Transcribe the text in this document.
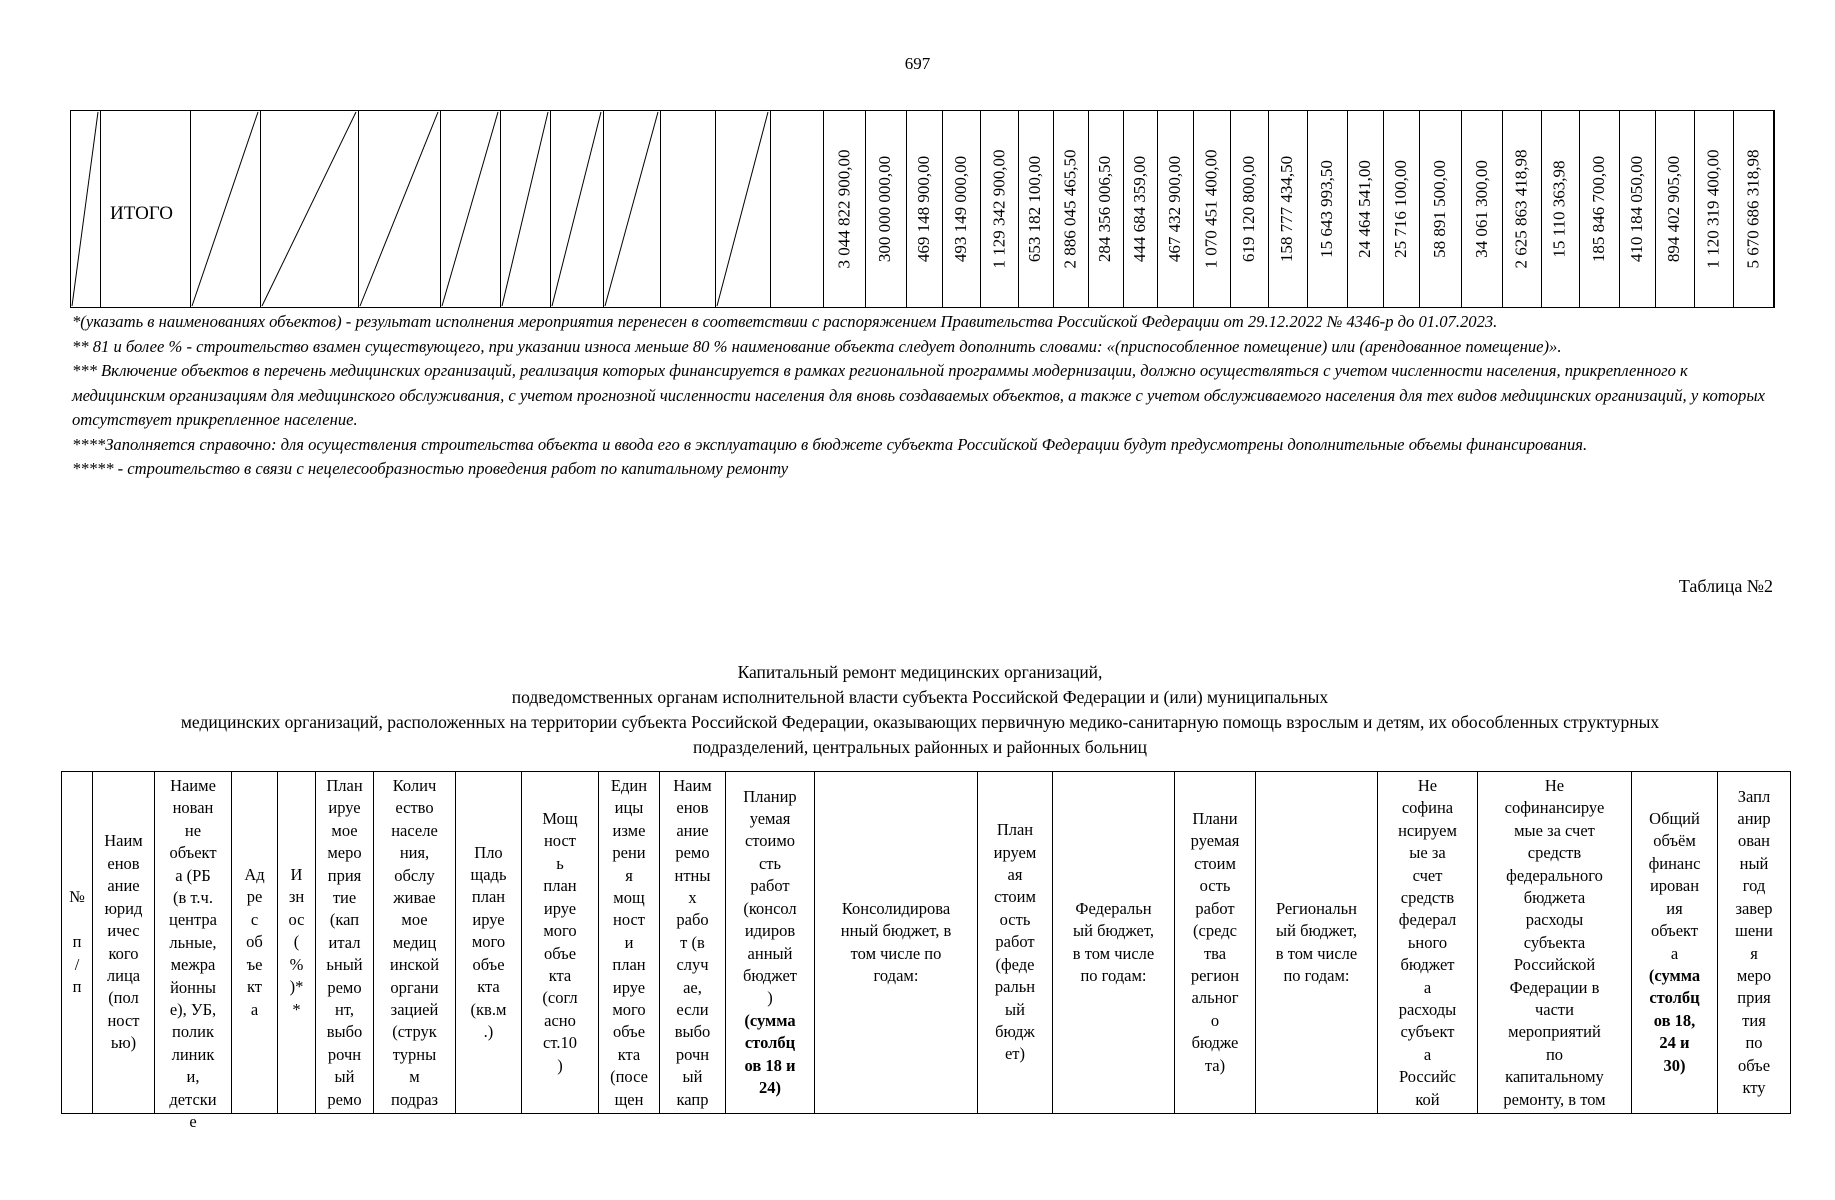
697
ИТОГО	3 044 822 900,00 300 000 000,00 469 148 900,00 493 149 000,00 1 129 342 900,00 653 182 100,00 2 886 045 465,50 284 356 006,50 444 684 359,00 467 432 900,00 1 070 451 400,00 619 120 800,00 158 777 434,50 15 643 993,50 24 464 541,00 25 716 100,00 58 891 500,00 34 061 300,00 2 625 863 418,98 15 110 363,98 185 846 700,00 410 184 050,00 894 402 905,00 1 120 319 400,00 5 670 686 318,98

*(указать в наименованиях объектов) - результат исполнения мероприятия перенесен в соответствии с распоряжением Правительства Российской Федерации от 29.12.2022 № 4346-р до 01.07.2023.

** 81 и более % - строительство взамен существующего, при указании износа меньше 80 % наименование объекта следует дополнить словами: «(приспособленное помещение) или (арендованное помещение)».

*** Включение объектов в перечень медицинских организаций, реализация которых финансируется в рамках региональной программы модернизации, должно осуществляться с учетом численности населения, прикрепленного к медицинским организациям для медицинского обслуживания, с учетом прогнозной численности населения для вновь создаваемых объектов, а также с учетом обслуживаемого населения для тех видов медицинских организаций, у которых отсутствует прикрепленное население.

****Заполняется справочно: для осуществления строительства объекта и ввода его в эксплуатацию в бюджете субъекта Российской Федерации будут предусмотрены дополнительные объемы финансирования.

***** - строительство в связи с нецелесообразностью проведения работ по капитальному ремонту

Таблица №2

Капитальный ремонт медицинских организаций,

подведомственных органам исполнительной власти субъекта Российской Федерации и (или) муниципальных

медицинских организаций, расположенных на территории субъекта Российской Федерации, оказывающих первичную медико-санитарную помощь взрослым и детям, их обособленных структурных

подразделений, центральных районных и районных больниц

№

п
/
п
Наим
енов
ание
юрид
ичес
кого
лица
(пол
ност
ью)
Наиме
нован
не
объект
а (РБ
(в т.ч.
центра
льные,
межра
йонны
е), УБ,
полик
линик
и,
детски
е
Ад
ре
с
об
ъе
кт
а
И
зн
ос
(
%
)*
*
План
ируе
мое
меро
прия
тие
(кап
итал
ьный
ремо
нт,
выбо
рочн
ый
ремо
Колич
ество
населе
ния,
обслу
живае
мое
медиц
инской
органи
зацией
(струк
турны
м
подраз
Пло
щадь
план
ируе
мого
объе
кта
(кв.м
.)
Мощ
ност
ь
план
ируе
мого
объе
кта
(согл
асно
ст.10
)
Един
ицы
изме
рени
я
мощ
ност
и
план
ируе
мого
объе
кта
(посе
щен
Наим
енов
ание
ремо
нтны
х
рабо
т (в
случ
ае,
если
выбо
рочн
ый
капр
Планир
уемая
стоимо
сть
работ
(консол
идиров
анный
бюджет
)
(сумма
столбц
ов 18 и
24)
Консолидирова
нный бюджет, в
том числе по
годам:
План
ируем
ая
стоим
ость
работ
(феде
ральн
ый
бюдж
ет)
Федеральн
ый бюджет,
в том числе
по годам:
Плани
руемая
стоим
ость
работ
(средс
тва
регион
альног
о
бюдже
та)
Региональн
ый бюджет,
в том числе
по годам:
Не
софина
нсируем
ые за
счет
средств
федерал
ьного
бюджет
а
расходы
субъект
а
Российс
кой
Не
софинансируе
мые за счет
средств
федерального
бюджета
расходы
субъекта
Российской
Федерации в
части
мероприятий
по
капитальному
ремонту, в том
Общий
объём
финанс
ирован
ия
объект
а
(сумма
столбц
ов 18,
24 и
30)
Запл
анир
ован
ный
год
завер
шени
я
меро
прия
тия
по
объе
кту
